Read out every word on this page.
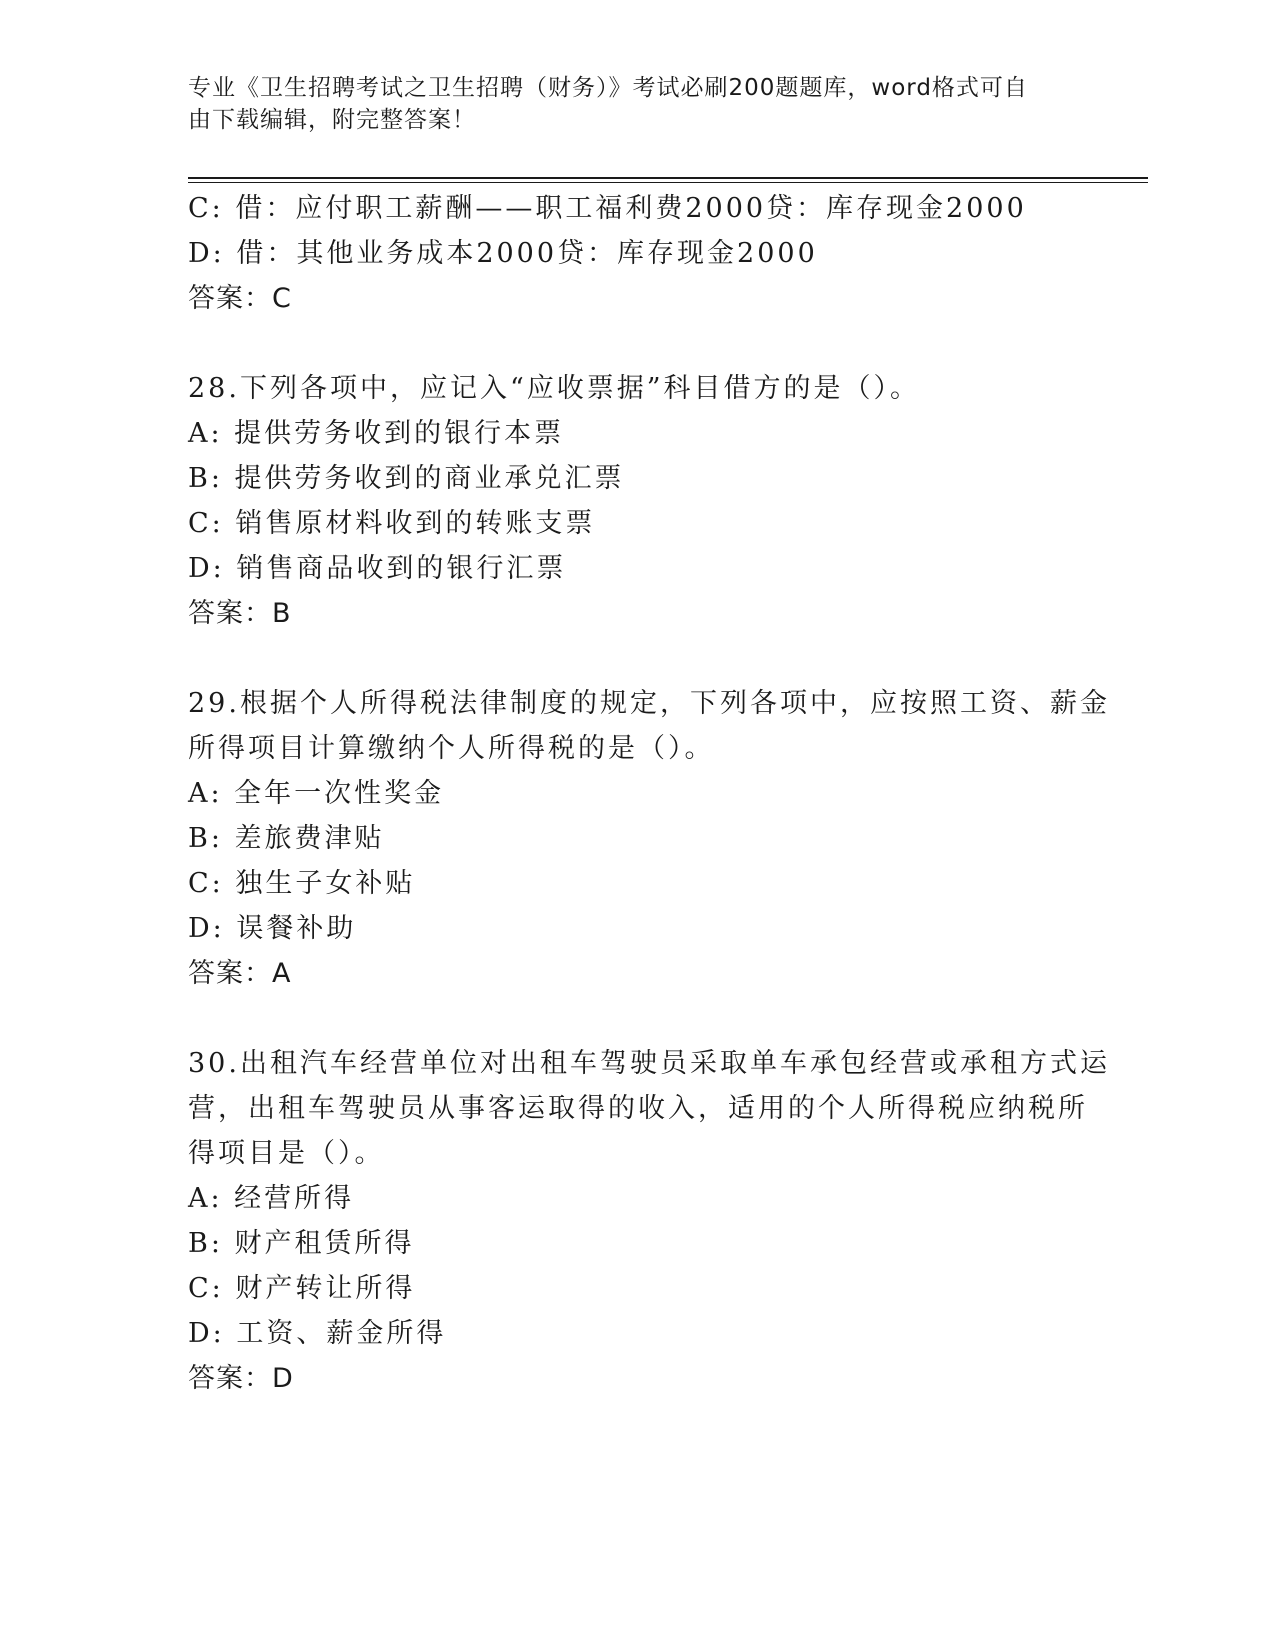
专业《卫生招聘考试之卫生招聘（财务）》考试必刷200题题库，word格式可自
由下载编辑，附完整答案！
C: 借：应付职工薪酬——职工福利费2000贷：库存现金2000
D: 借：其他业务成本2000贷：库存现金2000
答案：C
28.下列各项中，应记入“应收票据”科目借方的是（）。
A: 提供劳务收到的银行本票
B: 提供劳务收到的商业承兑汇票
C: 销售原材料收到的转账支票
D: 销售商品收到的银行汇票
答案：B
29.根据个人所得税法律制度的规定，下列各项中，应按照工资、薪金
所得项目计算缴纳个人所得税的是（）。
A: 全年一次性奖金
B: 差旅费津贴
C: 独生子女补贴
D: 误餐补助
答案：A
30.出租汽车经营单位对出租车驾驶员采取单车承包经营或承租方式运
营，出租车驾驶员从事客运取得的收入，适用的个人所得税应纳税所
得项目是（）。
A: 经营所得
B: 财产租赁所得
C: 财产转让所得
D: 工资、薪金所得
答案：D
